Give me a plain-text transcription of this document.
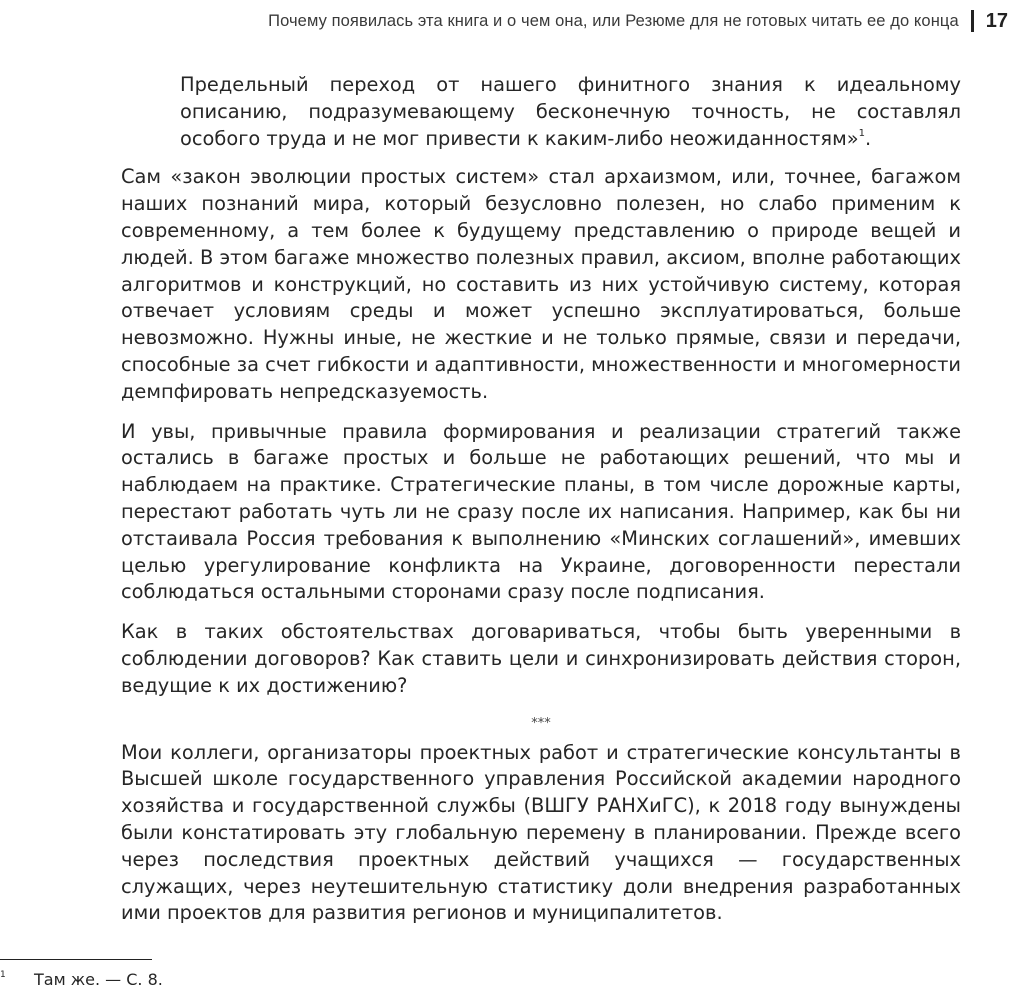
Почему появилась эта книга и о чем она, или Резюме для не готовых читать ее до конца 17

Предельный переход от нашего финитного знания к идеальному описанию, подразумевающему бесконечную точность, не составлял особого труда и не мог привести к каким-либо неожиданностям»$^1$.

Сам «закон эволюции простых систем» стал архаизмом, или, точнее, багажом наших познаний мира, который безусловно полезен, но слабо применим к современному, а тем более к будущему представлению о природе вещей и людей. В этом багаже множество полезных правил, аксиом, вполне работающих алгоритмов и конструкций, но составить из них устойчивую систему, которая отвечает условиям среды и может успешно эксплуатироваться, больше невозможно. Нужны иные, не жесткие и не только прямые, связи и передачи, способные за счет гибкости и адаптивности, множественности и многомерности демпфировать непредсказуемость.

И увы, привычные правила формирования и реализации стратегий также остались в багаже простых и больше не работающих решений, что мы и наблюдаем на практике. Стратегические планы, в том числе дорожные карты, перестают работать чуть ли не сразу после их написания. Например, как бы ни отстаивала Россия требования к выполнению «Минских соглашений», имевших целью урегулирование конфликта на Украине, договоренности перестали соблюдаться остальными сторонами сразу после подписания.

Как в таких обстоятельствах договариваться, чтобы быть уверенными в соблюдении договоров? Как ставить цели и синхронизировать действия сторон, ведущие к их достижению?

***

Мои коллеги, организаторы проектных работ и стратегические консультанты в Высшей школе государственного управления Российской академии народного хозяйства и государственной службы (ВШГУ РАНХиГС), к 2018 году вынуждены были констатировать эту глобальную перемену в планировании. Прежде всего через последствия проектных действий учащихся — государственных служащих, через неутешительную статистику доли внедрения разработанных ими проектов для развития регионов и муниципалитетов.

1 Там же. — С. 8.
